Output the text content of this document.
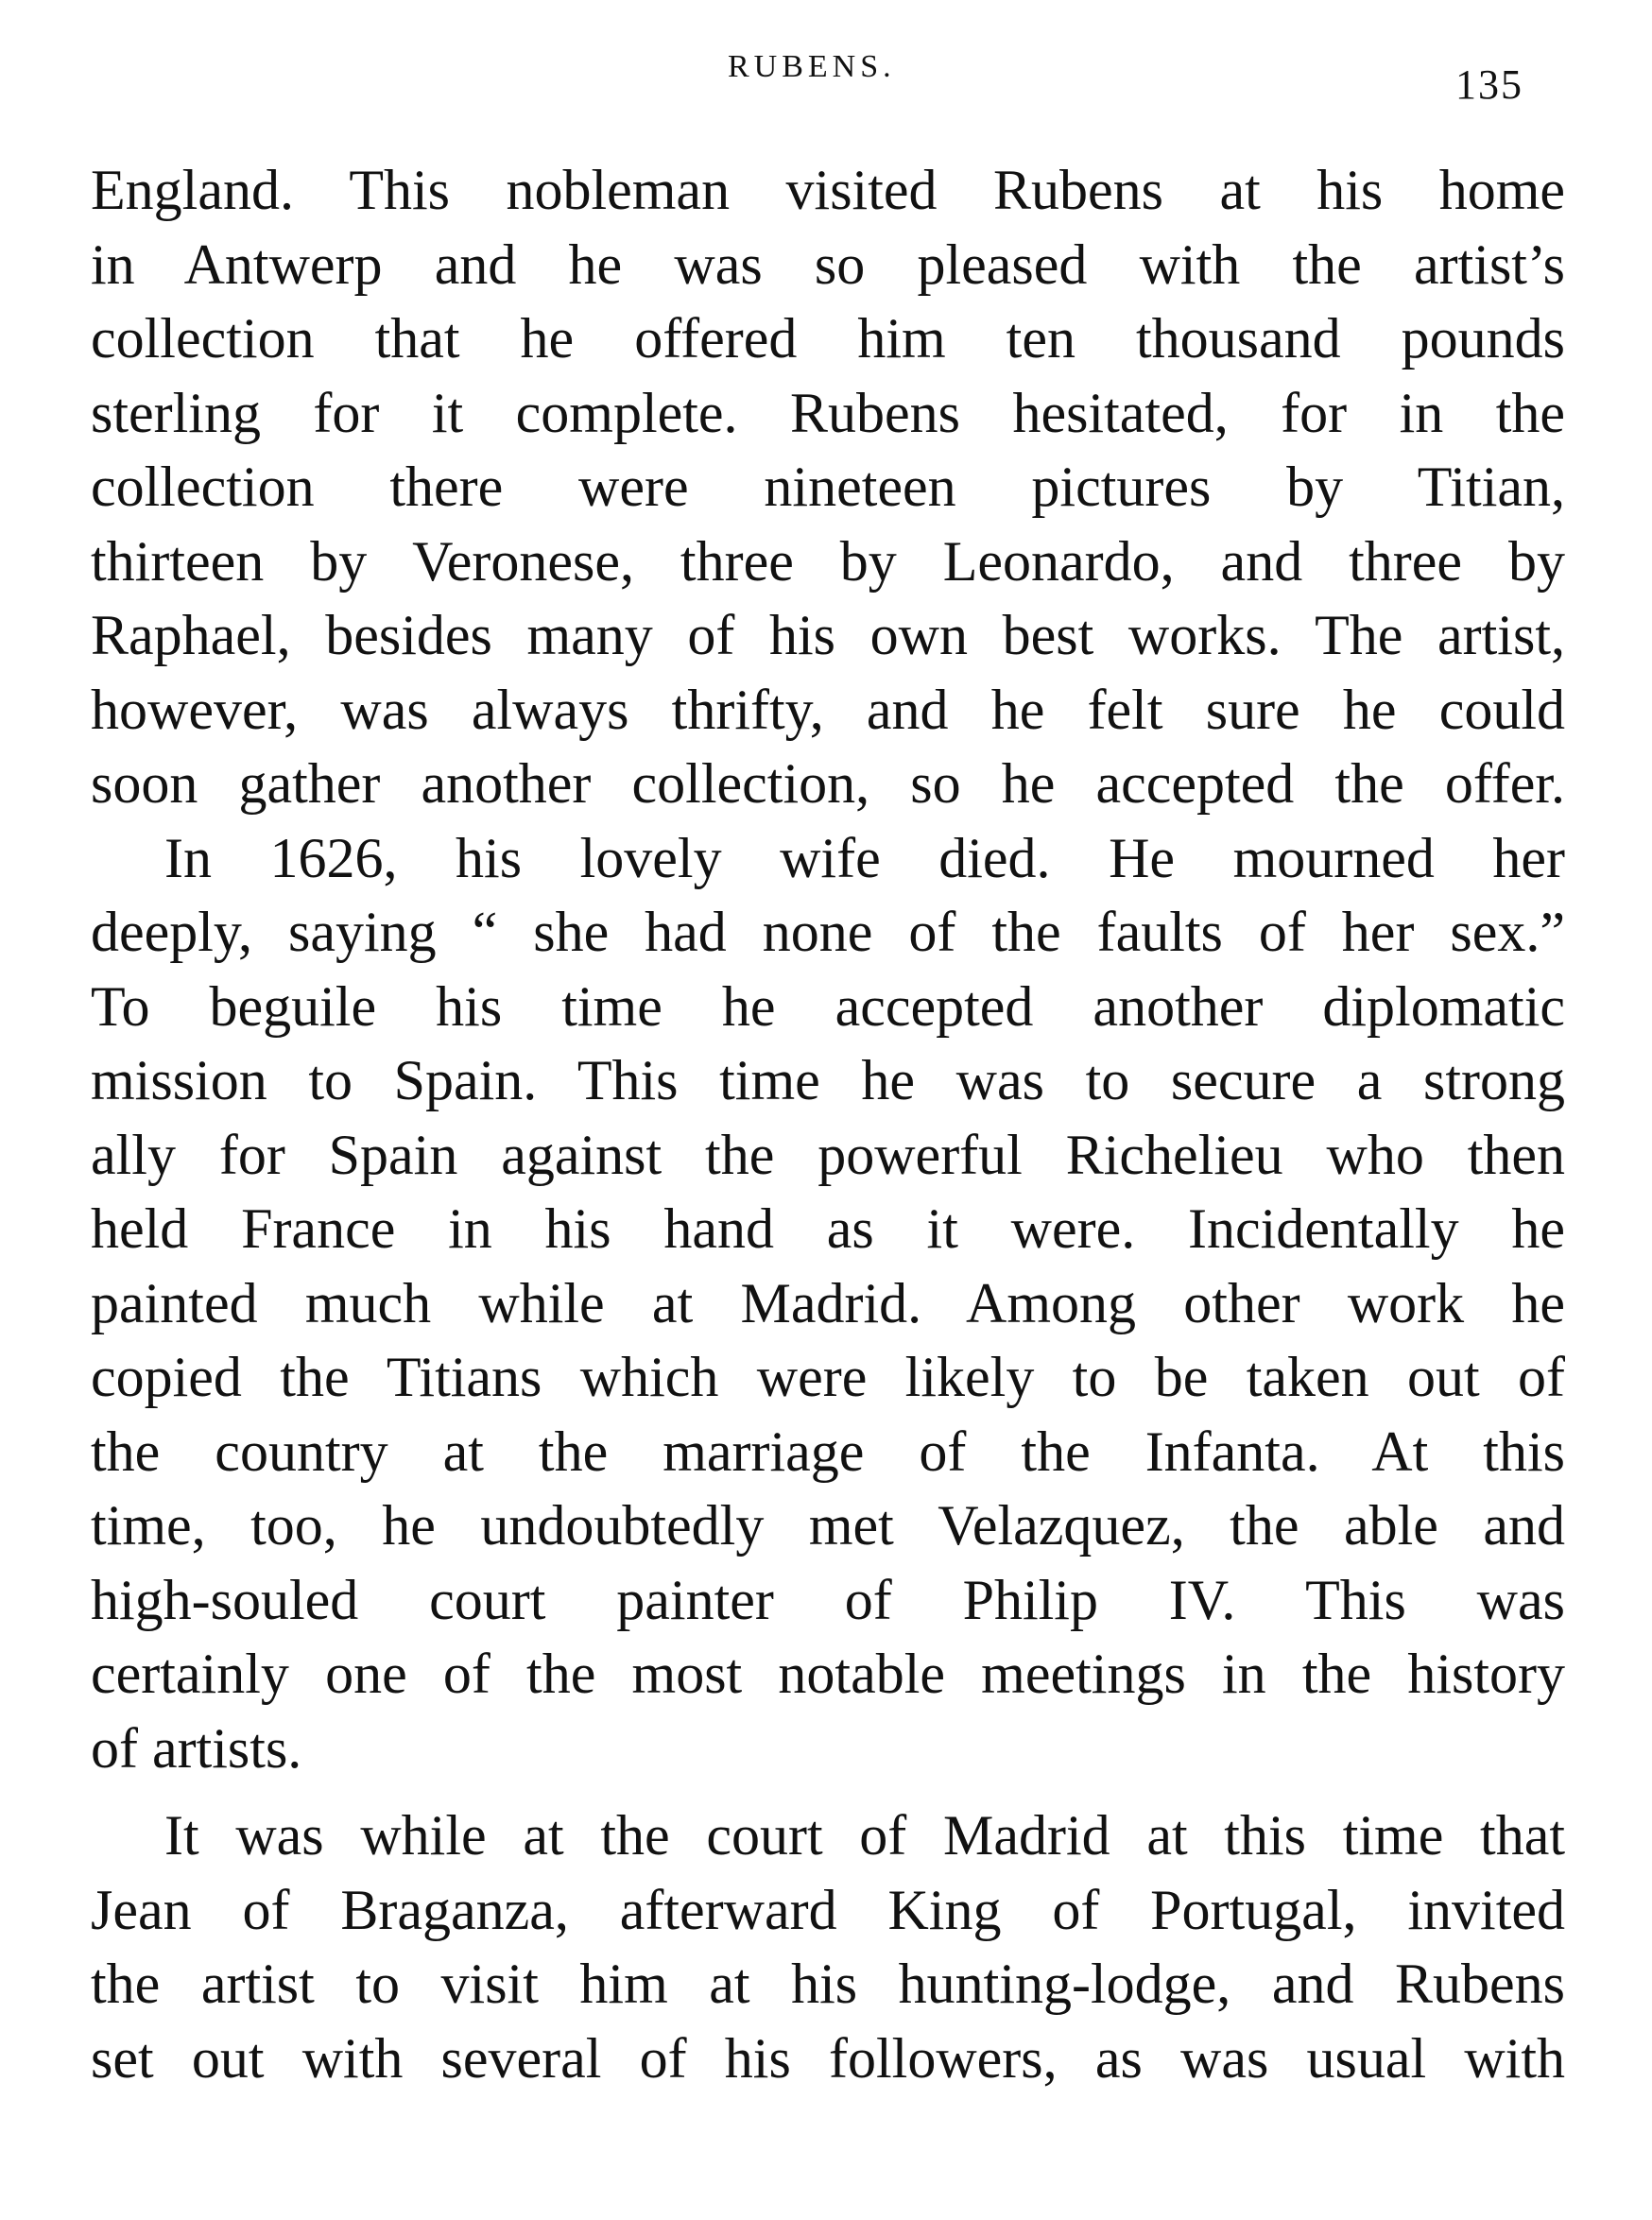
RUBENS.	135
England. This nobleman visited Rubens at his home
in Antwerp and he was so pleased with the artist’s
collection that he offered him ten thousand pounds
sterling for it complete. Rubens hesitated, for in the
collection there were nineteen pictures by Titian,
thirteen by Veronese, three by Leonardo, and three by
Raphael, besides many of his own best works. The artist,
however, was always thrifty, and he felt sure he could
soon gather another collection, so he accepted the offer.
In 1626, his lovely wife died. He mourned her
deeply, saying “ she had none of the faults of her sex.”
To beguile his time he accepted another diplomatic
mission to Spain. This time he was to secure a strong
ally for Spain against the powerful Richelieu who then
held France in his hand as it were. Incidentally he
painted much while at Madrid. Among other work he
copied the Titians which were likely to be taken out of
the country at the marriage of the Infanta. At this
time, too, he undoubtedly met Velazquez, the able and
high-souled court painter of Philip IV. This was
certainly one of the most notable meetings in the history
of artists.
It was while at the court of Madrid at this time that
Jean of Braganza, afterward King of Portugal, invited
the artist to visit him at his hunting-lodge, and Rubens
set out with several of his followers, as was usual with
